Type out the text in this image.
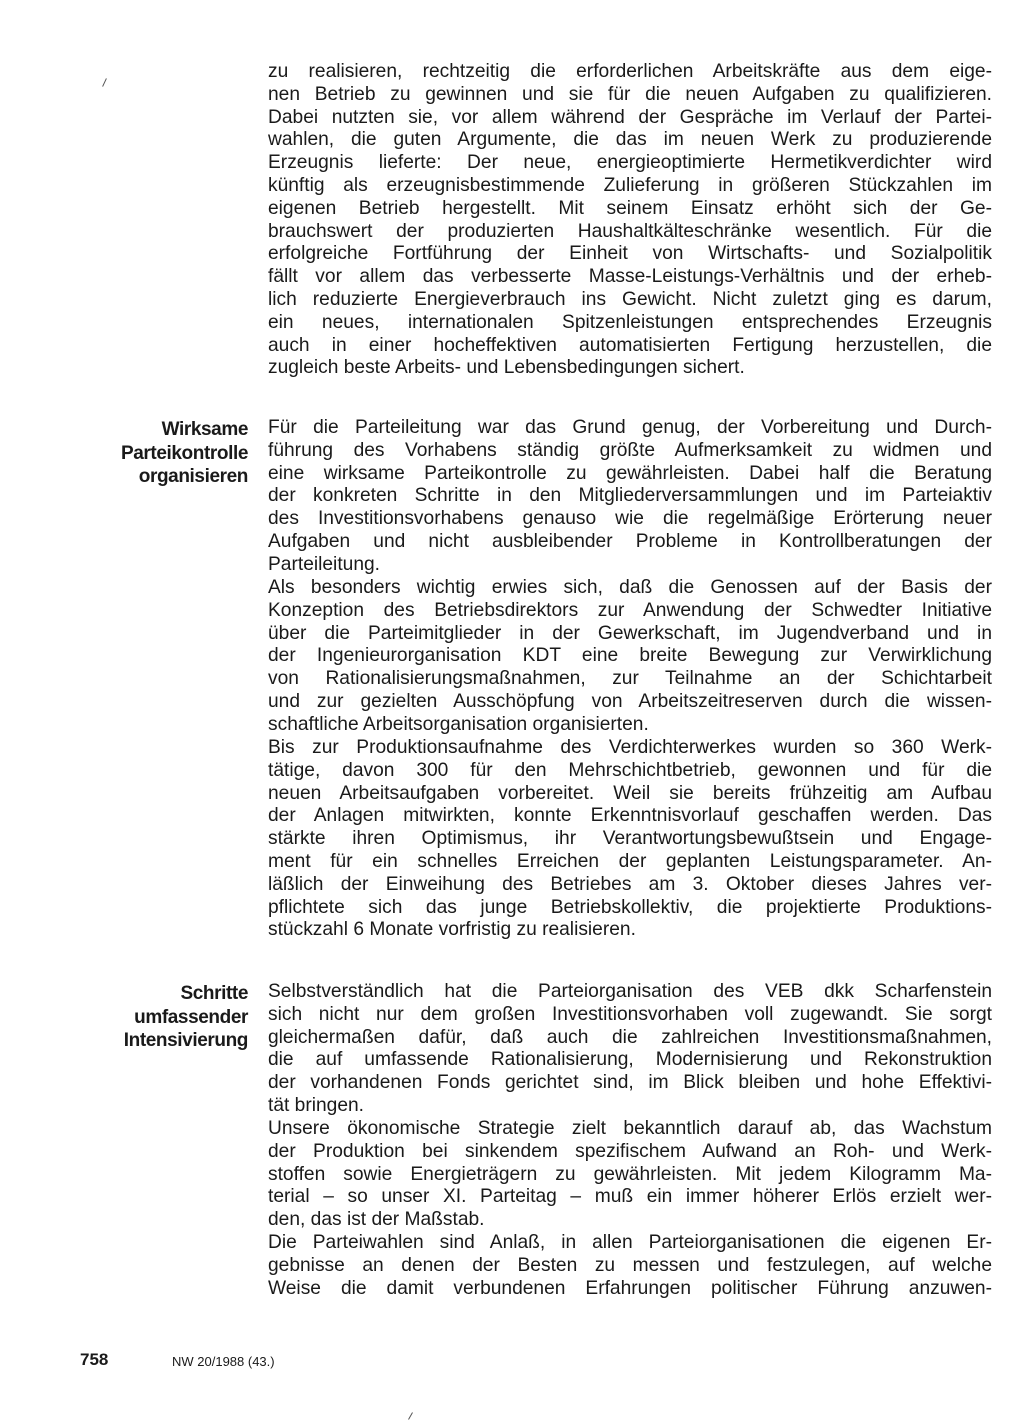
Wirksame
Parteikontrolle
organisieren
Schritte
umfassender
Intensivierung
zu realisieren, rechtzeitig die erforderlichen Arbeitskräfte aus dem eige-
nen Betrieb zu gewinnen und sie für die neuen Aufgaben zu qualifizieren.
Dabei nutzten sie, vor allem während der Gespräche im Verlauf der Partei-
wahlen, die guten Argumente, die das im neuen Werk zu produzierende
Erzeugnis lieferte: Der neue, energieoptimierte Hermetikverdichter wird
künftig als erzeugnisbestimmende Zulieferung in größeren Stückzahlen im
eigenen Betrieb hergestellt. Mit seinem Einsatz erhöht sich der Ge-
brauchswert der produzierten Haushaltkälteschränke wesentlich. Für die
erfolgreiche Fortführung der Einheit von Wirtschafts- und Sozialpolitik
fällt vor allem das verbesserte Masse-Leistungs-Verhältnis und der erheb-
lich reduzierte Energieverbrauch ins Gewicht. Nicht zuletzt ging es darum,
ein neues, internationalen Spitzenleistungen entsprechendes Erzeugnis
auch in einer hocheffektiven automatisierten Fertigung herzustellen, die
zugleich beste Arbeits- und Lebensbedingungen sichert.
Für die Parteileitung war das Grund genug, der Vorbereitung und Durch-
führung des Vorhabens ständig größte Aufmerksamkeit zu widmen und
eine wirksame Parteikontrolle zu gewährleisten. Dabei half die Beratung
der konkreten Schritte in den Mitgliederversammlungen und im Parteiaktiv
des Investitionsvorhabens genauso wie die regelmäßige Erörterung neuer
Aufgaben und nicht ausbleibender Probleme in Kontrollberatungen der
Parteileitung.
Als besonders wichtig erwies sich, daß die Genossen auf der Basis der
Konzeption des Betriebsdirektors zur Anwendung der Schwedter Initiative
über die Parteimitglieder in der Gewerkschaft, im Jugendverband und in
der Ingenieurorganisation KDT eine breite Bewegung zur Verwirklichung
von Rationalisierungsmaßnahmen, zur Teilnahme an der Schichtarbeit
und zur gezielten Ausschöpfung von Arbeitszeitreserven durch die wissen-
schaftliche Arbeitsorganisation organisierten.
Bis zur Produktionsaufnahme des Verdichterwerkes wurden so 360 Werk-
tätige, davon 300 für den Mehrschichtbetrieb, gewonnen und für die
neuen Arbeitsaufgaben vorbereitet. Weil sie bereits frühzeitig am Aufbau
der Anlagen mitwirkten, konnte Erkenntnisvorlauf geschaffen werden. Das
stärkte ihren Optimismus, ihr Verantwortungsbewußtsein und Engage-
ment für ein schnelles Erreichen der geplanten Leistungsparameter. An-
läßlich der Einweihung des Betriebes am 3. Oktober dieses Jahres ver-
pflichtete sich das junge Betriebskollektiv, die projektierte Produktions-
stückzahl 6 Monate vorfristig zu realisieren.
Selbstverständlich hat die Parteiorganisation des VEB dkk Scharfenstein
sich nicht nur dem großen Investitionsvorhaben voll zugewandt. Sie sorgt
gleichermaßen dafür, daß auch die zahlreichen Investitionsmaßnahmen,
die auf umfassende Rationalisierung, Modernisierung und Rekonstruktion
der vorhandenen Fonds gerichtet sind, im Blick bleiben und hohe Effektivi-
tät bringen.
Unsere ökonomische Strategie zielt bekanntlich darauf ab, das Wachstum
der Produktion bei sinkendem spezifischem Aufwand an Roh- und Werk-
stoffen sowie Energieträgern zu gewährleisten. Mit jedem Kilogramm Ma-
terial – so unser XI. Parteitag – muß ein immer höherer Erlös erzielt wer-
den, das ist der Maßstab.
Die Parteiwahlen sind Anlaß, in allen Parteiorganisationen die eigenen Er-
gebnisse an denen der Besten zu messen und festzulegen, auf welche
Weise die damit verbundenen Erfahrungen politischer Führung anzuwen-
758	NW 20/1988 (43.)
